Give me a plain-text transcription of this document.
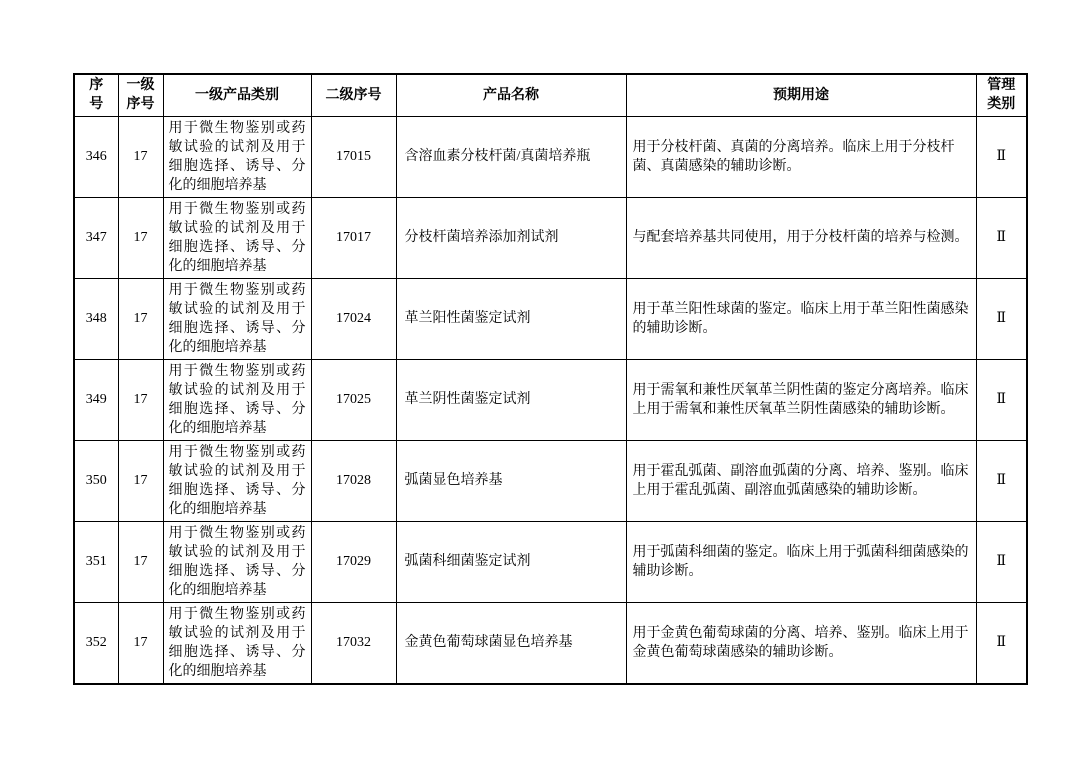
序号	一级序号	一级产品类别	二级序号	产品名称	预期用途	管理类别
346	17	用于微生物鉴别或药敏试验的试剂及用于细胞选择、诱导、分化的细胞培养基	17015	含溶血素分枝杆菌/真菌培养瓶	用于分枝杆菌、真菌的分离培养。临床上用于分枝杆菌、真菌感染的辅助诊断。	Ⅱ
347	17	用于微生物鉴别或药敏试验的试剂及用于细胞选择、诱导、分化的细胞培养基	17017	分枝杆菌培养添加剂试剂	与配套培养基共同使用，用于分枝杆菌的培养与检测。	Ⅱ
348	17	用于微生物鉴别或药敏试验的试剂及用于细胞选择、诱导、分化的细胞培养基	17024	革兰阳性菌鉴定试剂	用于革兰阳性球菌的鉴定。临床上用于革兰阳性菌感染的辅助诊断。	Ⅱ
349	17	用于微生物鉴别或药敏试验的试剂及用于细胞选择、诱导、分化的细胞培养基	17025	革兰阴性菌鉴定试剂	用于需氧和兼性厌氧革兰阴性菌的鉴定分离培养。临床上用于需氧和兼性厌氧革兰阴性菌感染的辅助诊断。	Ⅱ
350	17	用于微生物鉴别或药敏试验的试剂及用于细胞选择、诱导、分化的细胞培养基	17028	弧菌显色培养基	用于霍乱弧菌、副溶血弧菌的分离、培养、鉴别。临床上用于霍乱弧菌、副溶血弧菌感染的辅助诊断。	Ⅱ
351	17	用于微生物鉴别或药敏试验的试剂及用于细胞选择、诱导、分化的细胞培养基	17029	弧菌科细菌鉴定试剂	用于弧菌科细菌的鉴定。临床上用于弧菌科细菌感染的辅助诊断。	Ⅱ
352	17	用于微生物鉴别或药敏试验的试剂及用于细胞选择、诱导、分化的细胞培养基	17032	金黄色葡萄球菌显色培养基	用于金黄色葡萄球菌的分离、培养、鉴别。临床上用于金黄色葡萄球菌感染的辅助诊断。	Ⅱ
